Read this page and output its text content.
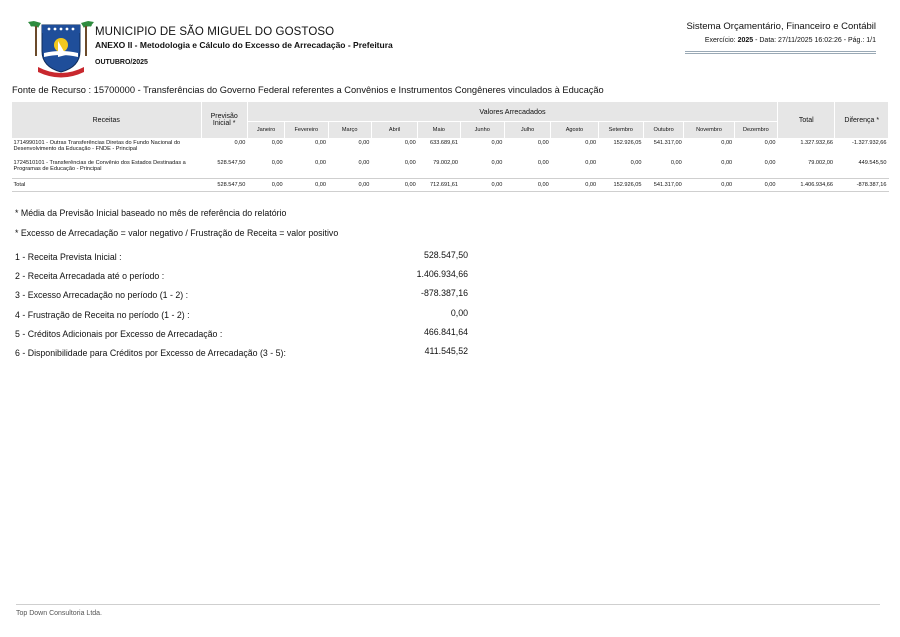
MUNICIPIO DE SÃO MIGUEL DO GOSTOSO
ANEXO II - Metodologia e Cálculo do Excesso de Arrecadação - Prefeitura
OUTUBRO/2025
Sistema Orçamentário, Financeiro e Contábil
Exercício: 2025 - Data: 27/11/2025 16:02:26 - Pág.: 1/1
Fonte de Recurso : 15700000 - Transferências do Governo Federal referentes a Convênios e Instrumentos Congêneres vinculados à Educação
Receitas	Previsão Inicial *	Valores Arrecadados												Total	Diferença *
		Janeiro	Fevereiro	Março	Abril	Maio	Junho	Julho	Agosto	Setembro	Outubro	Novembro	Dezembro		
1714990101 - Outras Transferências Diretas do Fundo Nacional do Desenvolvimento da Educação - FNDE - Principal	0,00	0,00	0,00	0,00	0,00	633.689,61	0,00	0,00	0,00	152.926,05	541.317,00	0,00	0,00	1.327.932,66	-1.327.932,66
1724510101 - Transferências de Convênio dos Estados Destinadas a Programas de Educação - Principal	528.547,50	0,00	0,00	0,00	0,00	79.002,00	0,00	0,00	0,00	0,00	0,00	0,00	0,00	79.002,00	449.545,50
Total	528.547,50	0,00	0,00	0,00	0,00	712.691,61	0,00	0,00	0,00	152.926,05	541.317,00	0,00	0,00	1.406.934,66	-878.387,16
* Média da Previsão Inicial baseado no mês de referência do relatório
* Excesso de Arrecadação = valor negativo / Frustração de Receita = valor positivo
1 - Receita Prevista Inicial :	528.547,50
2 - Receita Arrecadada até o período :	1.406.934,66
3 - Excesso Arrecadação no período (1 - 2) :	-878.387,16
4 - Frustração de Receita no período (1 - 2) :	0,00
5 - Créditos Adicionais por Excesso de Arrecadação :	466.841,64
6 - Disponibilidade para Créditos por Excesso de Arrecadação (3 - 5):	411.545,52
Top Down Consultoria Ltda.
